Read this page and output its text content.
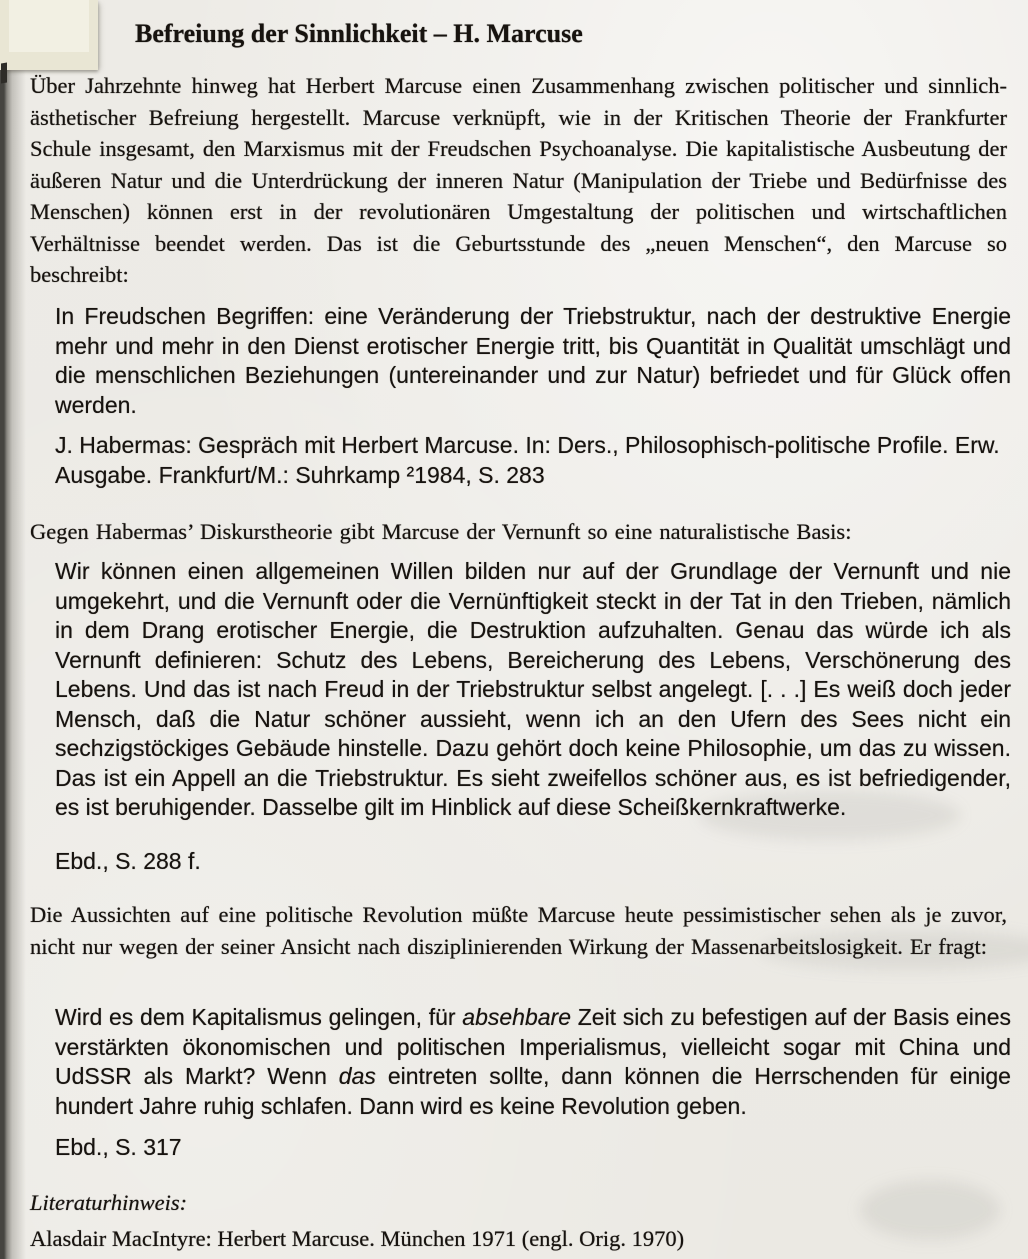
Befreiung der Sinnlichkeit – H. Marcuse

Über Jahrzehnte hinweg hat Herbert Marcuse einen Zusammenhang zwischen politischer und sinnlich-ästhetischer Befreiung hergestellt. Marcuse verknüpft, wie in der Kritischen Theorie der Frankfurter Schule insgesamt, den Marxismus mit der Freudschen Psychoanalyse. Die kapitalistische Ausbeutung der äußeren Natur und die Unterdrückung der inneren Natur (Manipulation der Triebe und Bedürfnisse des Menschen) können erst in der revolutionären Umgestaltung der politischen und wirtschaftlichen Verhältnisse beendet werden. Das ist die Geburtsstunde des „neuen Menschen“, den Marcuse so beschreibt:

In Freudschen Begriffen: eine Veränderung der Triebstruktur, nach der destruktive Energie mehr und mehr in den Dienst erotischer Energie tritt, bis Quantität in Qualität umschlägt und die menschlichen Beziehungen (untereinander und zur Natur) befriedet und für Glück offen werden.

J. Habermas: Gespräch mit Herbert Marcuse. In: Ders., Philosophisch-politische Profile. Erw. Ausgabe. Frankfurt/M.: Suhrkamp ²1984, S. 283

Gegen Habermas’ Diskurstheorie gibt Marcuse der Vernunft so eine naturalistische Basis:

Wir können einen allgemeinen Willen bilden nur auf der Grundlage der Vernunft und nie umgekehrt, und die Vernunft oder die Vernünftigkeit steckt in der Tat in den Trieben, nämlich in dem Drang erotischer Energie, die Destruktion aufzuhalten. Genau das würde ich als Vernunft definieren: Schutz des Lebens, Bereicherung des Lebens, Verschönerung des Lebens. Und das ist nach Freud in der Triebstruktur selbst angelegt. [. . .] Es weiß doch jeder Mensch, daß die Natur schöner aussieht, wenn ich an den Ufern des Sees nicht ein sechzigstöckiges Gebäude hinstelle. Dazu gehört doch keine Philosophie, um das zu wissen. Das ist ein Appell an die Triebstruktur. Es sieht zweifellos schöner aus, es ist befriedigender, es ist beruhigender. Dasselbe gilt im Hinblick auf diese Scheißkernkraftwerke.

Ebd., S. 288 f.

Die Aussichten auf eine politische Revolution müßte Marcuse heute pessimistischer sehen als je zuvor, nicht nur wegen der seiner Ansicht nach disziplinierenden Wirkung der Massenarbeitslosigkeit. Er fragt:

Wird es dem Kapitalismus gelingen, für absehbare Zeit sich zu befestigen auf der Basis eines verstärkten ökonomischen und politischen Imperialismus, vielleicht sogar mit China und UdSSR als Markt? Wenn das eintreten sollte, dann können die Herrschenden für einige hundert Jahre ruhig schlafen. Dann wird es keine Revolution geben.

Ebd., S. 317

Literaturhinweis:

Alasdair MacIntyre: Herbert Marcuse. München 1971 (engl. Orig. 1970)
